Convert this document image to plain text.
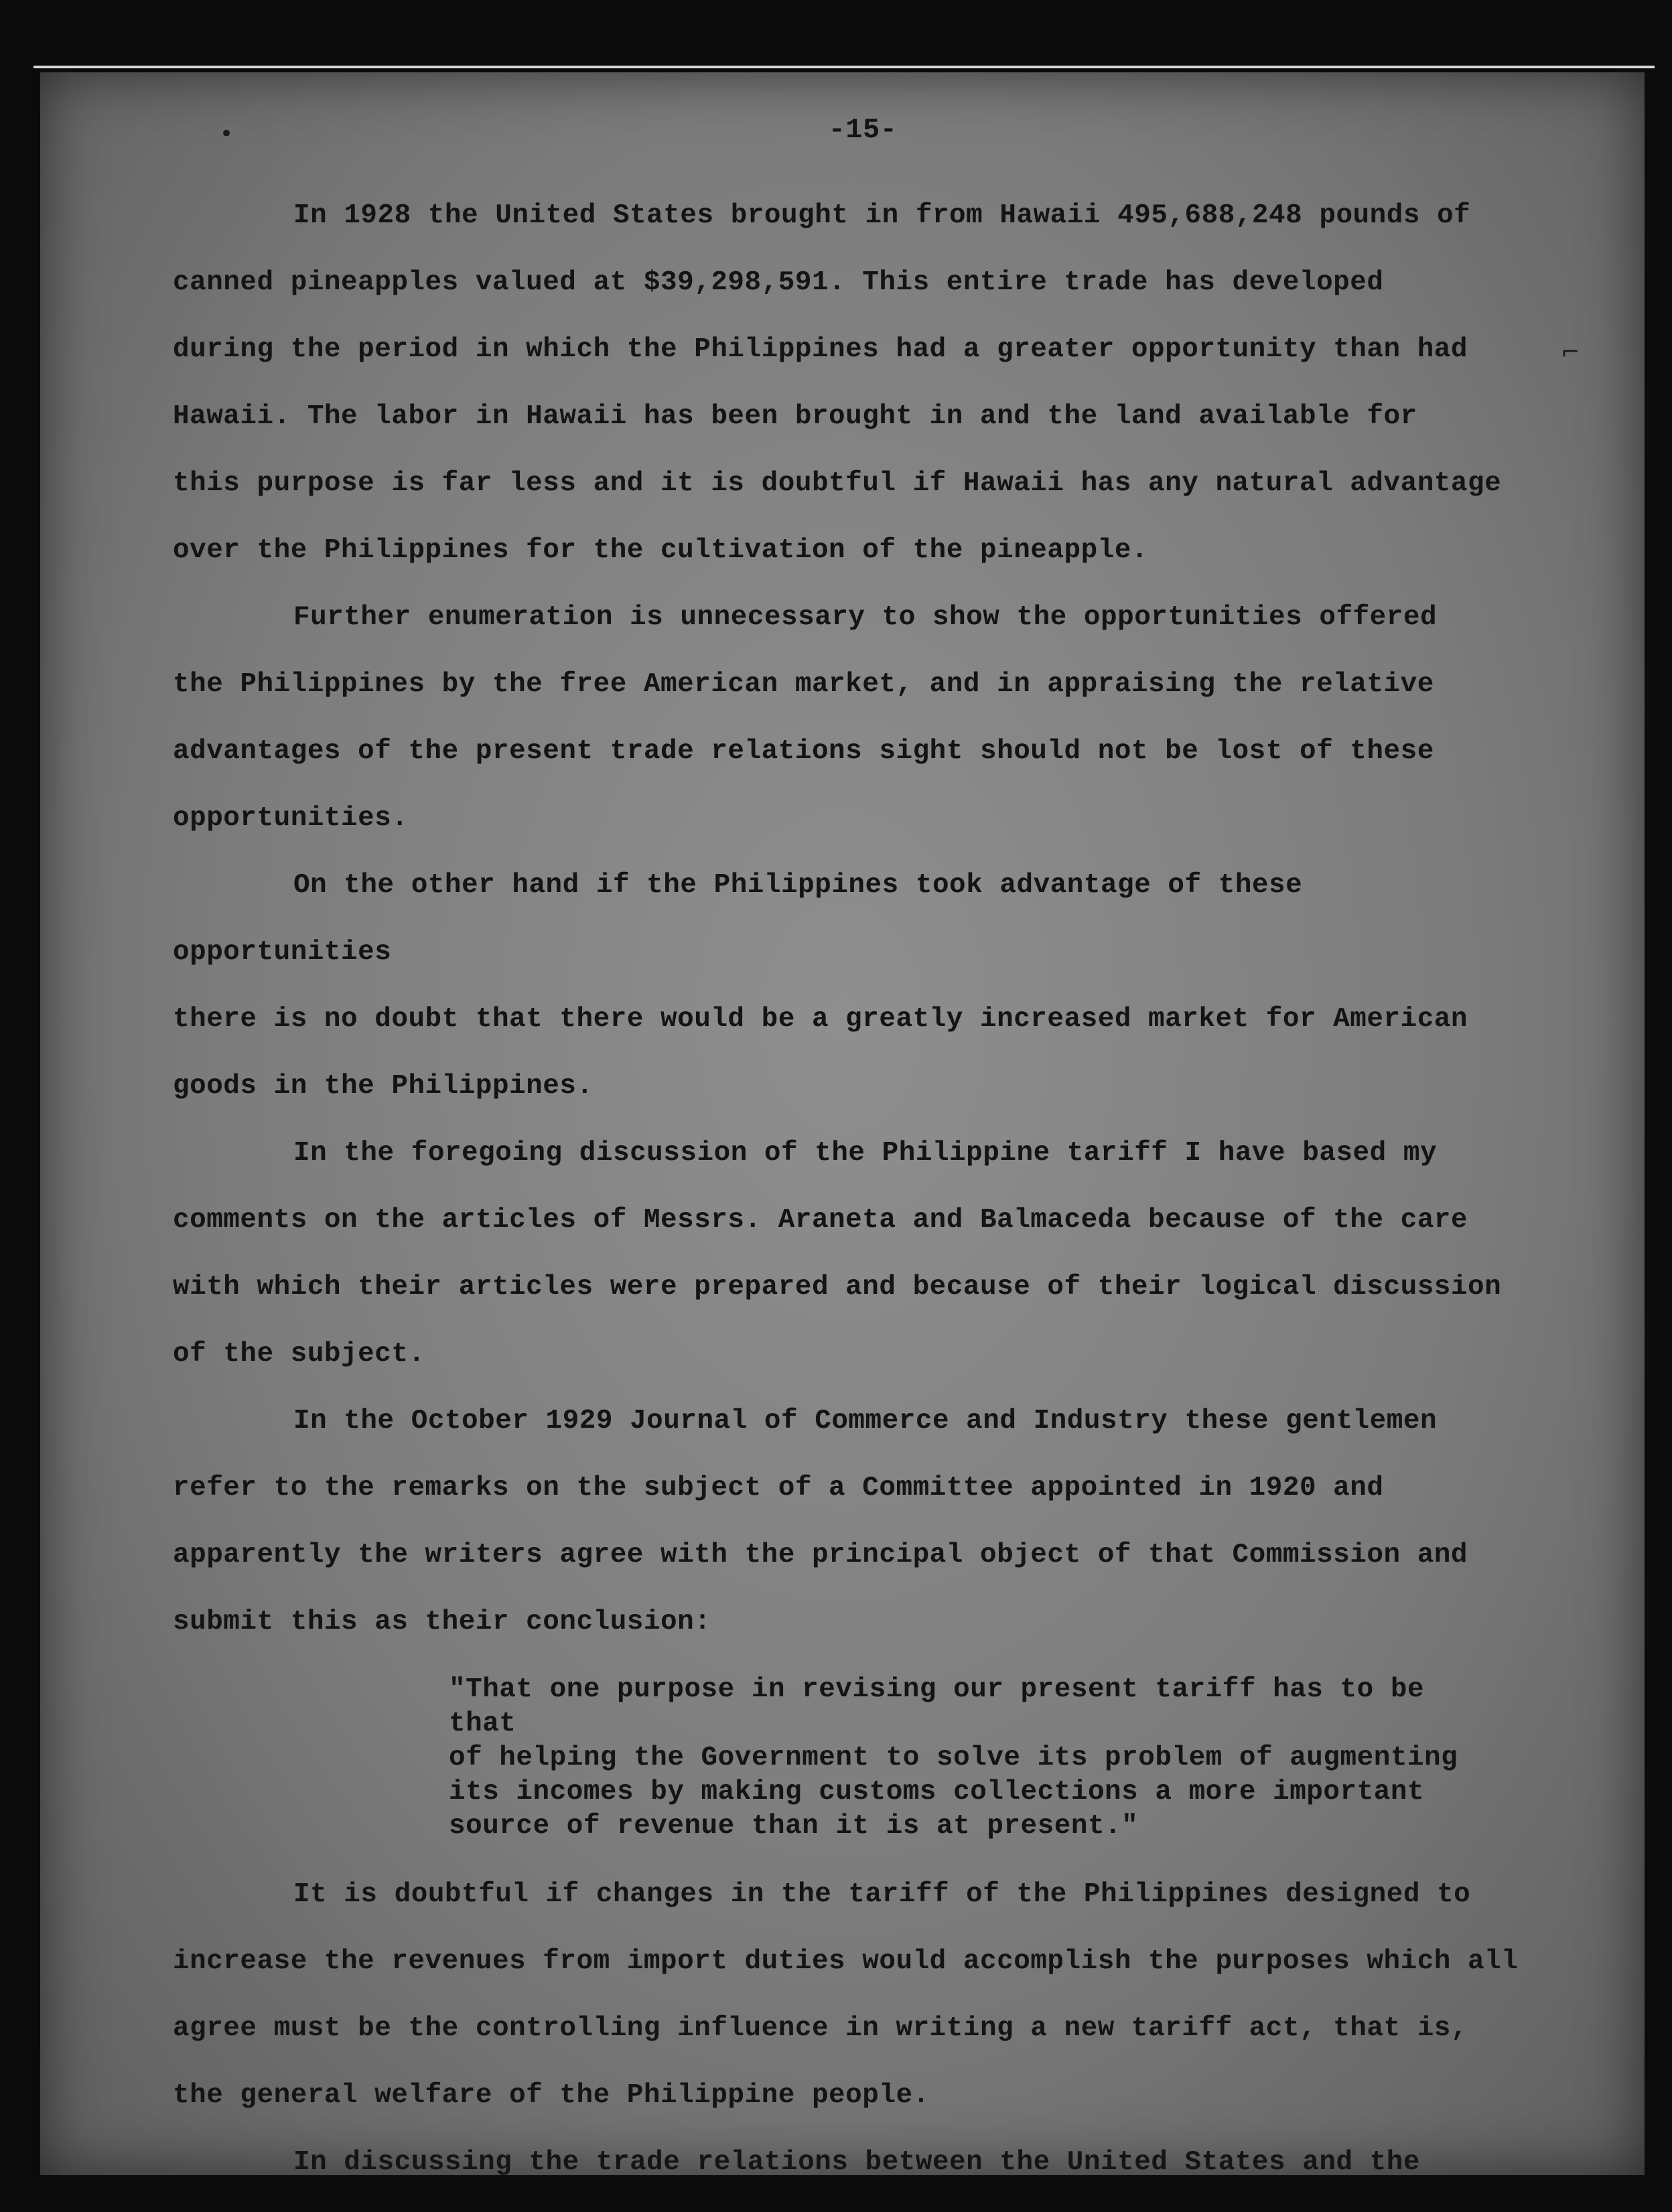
•
⌐
-15-

In 1928 the United States brought in from Hawaii 495,688,248 pounds of
canned pineapples valued at $39,298,591. This entire trade has developed
during the period in which the Philippines had a greater opportunity than had
Hawaii. The labor in Hawaii has been brought in and the land available for
this purpose is far less and it is doubtful if Hawaii has any natural advantage
over the Philippines for the cultivation of the pineapple.

Further enumeration is unnecessary to show the opportunities offered
the Philippines by the free American market, and in appraising the relative
advantages of the present trade relations sight should not be lost of these
opportunities.

On the other hand if the Philippines took advantage of these opportunities
there is no doubt that there would be a greatly increased market for American
goods in the Philippines.

In the foregoing discussion of the Philippine tariff I have based my
comments on the articles of Messrs. Araneta and Balmaceda because of the care
with which their articles were prepared and because of their logical discussion
of the subject.

In the October 1929 Journal of Commerce and Industry these gentlemen
refer to the remarks on the subject of a Committee appointed in 1920 and
apparently the writers agree with the principal object of that Commission and
submit this as their conclusion:

"That one purpose in revising our present tariff has to be that
of helping the Government to solve its problem of augmenting
its incomes by making customs collections a more important
source of revenue than it is at present."

It is doubtful if changes in the tariff of the Philippines designed to
increase the revenues from import duties would accomplish the purposes which all
agree must be the controlling influence in writing a new tariff act, that is,
the general welfare of the Philippine people.

In discussing the trade relations between the United States and the
